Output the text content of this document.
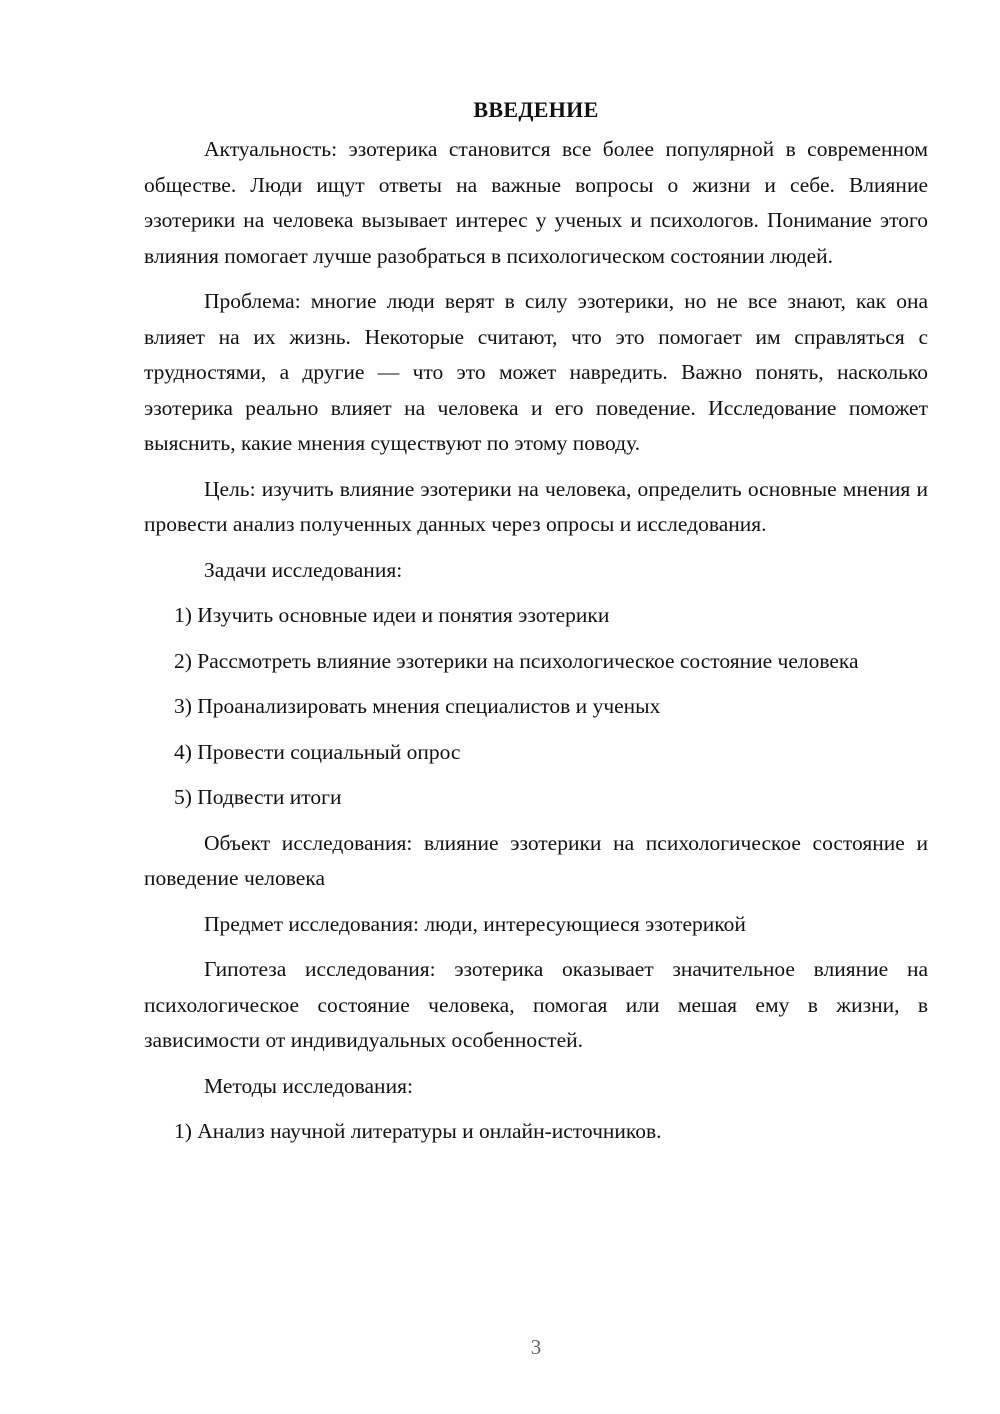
ВВЕДЕНИЕ

Актуальность: эзотерика становится все более популярной в современном обществе. Люди ищут ответы на важные вопросы о жизни и себе. Влияние эзотерики на человека вызывает интерес у ученых и психологов. Понимание этого влияния помогает лучше разобраться в психологическом состоянии людей.

Проблема: многие люди верят в силу эзотерики, но не все знают, как она влияет на их жизнь. Некоторые считают, что это помогает им справляться с трудностями, а другие — что это может навредить. Важно понять, насколько эзотерика реально влияет на человека и его поведение. Исследование поможет выяснить, какие мнения существуют по этому поводу.

Цель: изучить влияние эзотерики на человека, определить основные мнения и провести анализ полученных данных через опросы и исследования.

Задачи исследования:

1) Изучить основные идеи и понятия эзотерики

2) Рассмотреть влияние эзотерики на психологическое состояние человека

3) Проанализировать мнения специалистов и ученых

4) Провести социальный опрос

5) Подвести итоги

Объект исследования: влияние эзотерики на психологическое состояние и поведение человека

Предмет исследования: люди, интересующиеся эзотерикой

Гипотеза исследования: эзотерика оказывает значительное влияние на психологическое состояние человека, помогая или мешая ему в жизни, в зависимости от индивидуальных особенностей.

Методы исследования:

1) Анализ научной литературы и онлайн-источников.

3
